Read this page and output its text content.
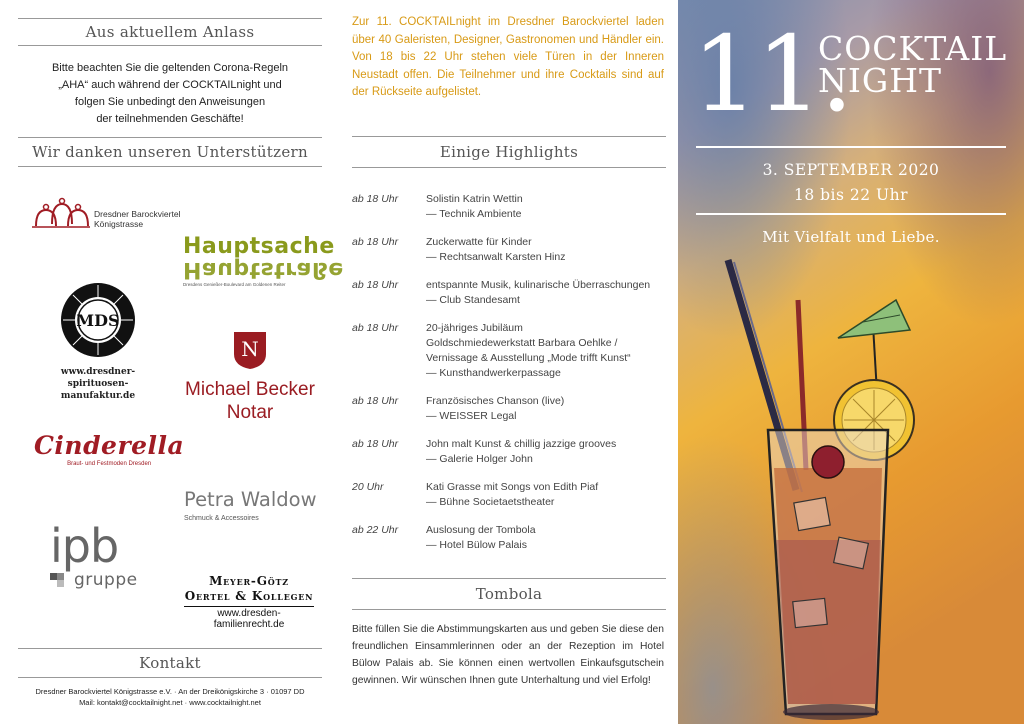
Aus aktuellem Anlass
Bitte beachten Sie die geltenden Corona-Regeln
„AHA“ auch während der COCKTAILnight und
folgen Sie unbedingt den Anweisungen
der teilnehmenden Geschäfte!
Wir danken unseren Unterstützern
Dresdner Barockviertel
Königstrasse
Hauptsache
Hauptstraße
Dresdens Genießer-Boulevard am Goldenen Reiter
MDS
www.dresdner-spirituosen-
manufaktur.de
N
Michael Becker
Notar
Cinderella
Braut- und Festmoden Dresden
Petra Waldow
Schmuck & Accessoires
ipb
gruppe	Meyer-Götz
Oertel & Kollegen
www.dresden-familienrecht.de
Kontakt
Dresdner Barockviertel Königstrasse e.V. · An der Dreikönigskirche 3 · 01097 DD
Mail: kontakt@cocktailnight.net · www.cocktailnight.net
Zur 11. COCKTAILnight im Dresdner Barockviertel laden über 40 Galeristen, Designer, Gastronomen und Händler ein. Von 18 bis 22 Uhr stehen viele Türen in der Inneren Neustadt offen. Die Teilnehmer und ihre Cocktails sind auf der Rückseite aufgelistet.
Einige Highlights
ab 18 Uhr	Solistin Katrin Wettin
— Technik Ambiente
ab 18 Uhr	Zuckerwatte für Kinder
— Rechtsanwalt Karsten Hinz
ab 18 Uhr	entspannte Musik, kulinarische Überraschungen
— Club Standesamt
ab 18 Uhr	20-jähriges Jubiläum
Goldschmiedewerkstatt Barbara Oehlke /
Vernissage & Ausstellung „Mode trifft Kunst“
— Kunsthandwerkerpassage
ab 18 Uhr	Französisches Chanson (live)
— WEISSER Legal
ab 18 Uhr	John malt Kunst & chillig jazzige grooves
— Galerie Holger John
20 Uhr	Kati Grasse mit Songs von Edith Piaf
— Bühne Societaetstheater
ab 22 Uhr	Auslosung der Tombola
— Hotel Bülow Palais
Tombola
Bitte füllen Sie die Abstimmungskarten aus und geben Sie diese den freundlichen Einsammlerinnen oder an der Rezeption im Hotel Bülow Palais ab. Sie können einen wertvollen Einkaufsgutschein gewinnen. Wir wünschen Ihnen gute Unterhaltung und viel Erfolg!
11.
COCKTAIL
NIGHT
3. SEPTEMBER 2020
18 bis 22 Uhr
Mit Vielfalt und Liebe.
